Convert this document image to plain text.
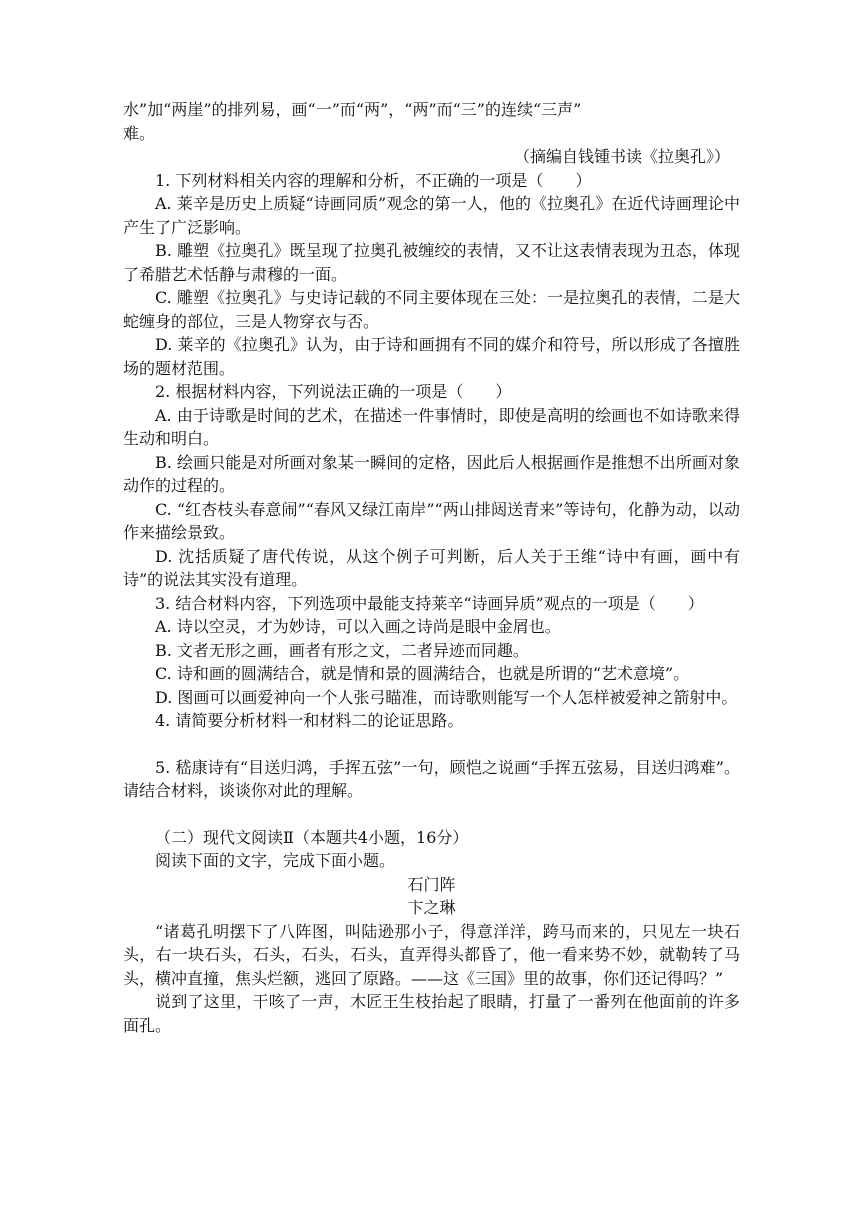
水”加“两崖”的排列易，画“一”而“两”，“两”而“三”的连续“三声”

难。

（摘编自钱锺书读《拉奥孔》）

1. 下列材料相关内容的理解和分析，不正确的一项是（　　）

A. 莱辛是历史上质疑“诗画同质”观念的第一人，他的《拉奥孔》在近代诗画理论中产生了广泛影响。

B. 雕塑《拉奥孔》既呈现了拉奥孔被缠绞的表情，又不让这表情表现为丑态，体现了希腊艺术恬静与肃穆的一面。

C. 雕塑《拉奥孔》与史诗记载的不同主要体现在三处：一是拉奥孔的表情，二是大蛇缠身的部位，三是人物穿衣与否。

D. 莱辛的《拉奥孔》认为，由于诗和画拥有不同的媒介和符号，所以形成了各擅胜场的题材范围。

2. 根据材料内容，下列说法正确的一项是（　　）

A. 由于诗歌是时间的艺术，在描述一件事情时，即使是高明的绘画也不如诗歌来得生动和明白。

B. 绘画只能是对所画对象某一瞬间的定格，因此后人根据画作是推想不出所画对象动作的过程的。

C. “红杏枝头春意闹”“春风又绿江南岸”“两山排闼送青来”等诗句，化静为动，以动作来描绘景致。

D. 沈括质疑了唐代传说，从这个例子可判断，后人关于王维“诗中有画，画中有诗”的说法其实没有道理。

3. 结合材料内容，下列选项中最能支持莱辛“诗画异质”观点的一项是（　　）

A. 诗以空灵，才为妙诗，可以入画之诗尚是眼中金屑也。

B. 文者无形之画，画者有形之文，二者异迹而同趣。

C. 诗和画的圆满结合，就是情和景的圆满结合，也就是所谓的“艺术意境”。

D. 图画可以画爱神向一个人张弓瞄准，而诗歌则能写一个人怎样被爱神之箭射中。

4. 请简要分析材料一和材料二的论证思路。

5. 嵇康诗有“目送归鸿，手挥五弦”一句，顾恺之说画“手挥五弦易，目送归鸿难”。请结合材料，谈谈你对此的理解。

（二）现代文阅读Ⅱ（本题共4小题，16分）

阅读下面的文字，完成下面小题。

石门阵

卞之琳

“诸葛孔明摆下了八阵图，叫陆逊那小子，得意洋洋，跨马而来的，只见左一块石头，右一块石头，石头，石头，石头，直弄得头都昏了，他一看来势不妙，就勒转了马头，横冲直撞，焦头烂额，逃回了原路。——这《三国》里的故事，你们还记得吗？”

说到了这里，干咳了一声，木匠王生枝抬起了眼睛，打量了一番列在他面前的许多面孔。
